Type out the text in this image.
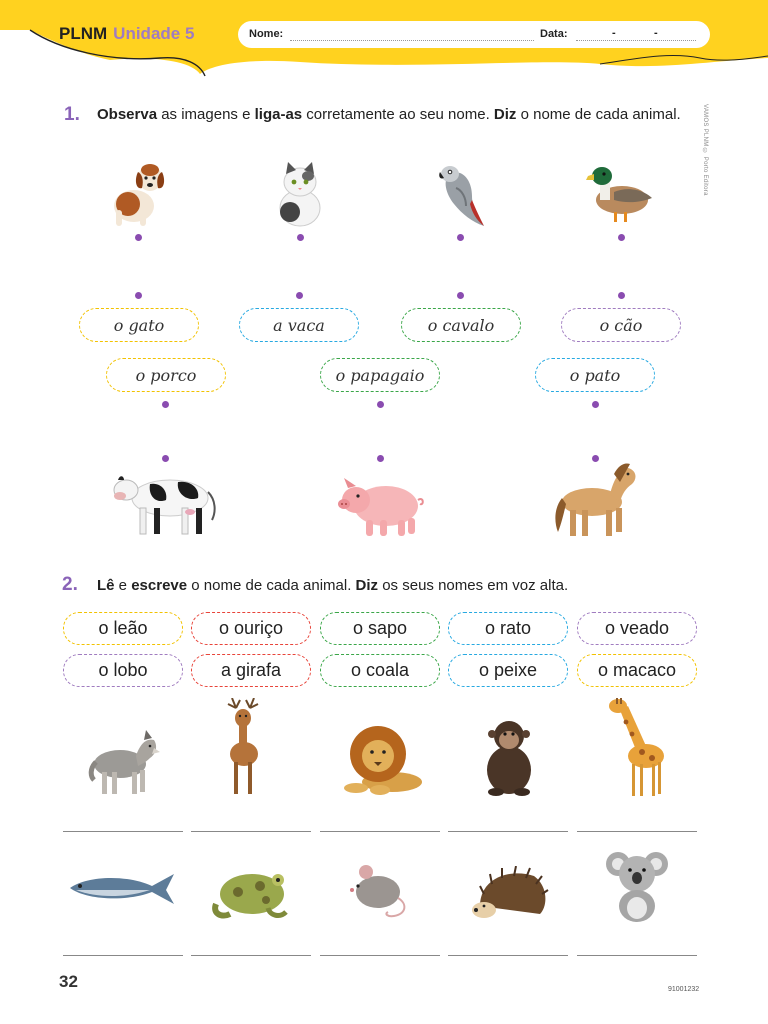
PLNM Unidade 5	Nome:	Data:	-	-
VAMOS PLNM © Porto Editora
1. Observa as imagens e liga-as corretamente ao seu nome. Diz o nome de cada animal.
o gato	a vaca	o cavalo	o cão
o porco	o papagaio	o pato
2. Lê e escreve o nome de cada animal. Diz os seus nomes em voz alta.
o leão	o ouriço	o sapo	o rato	o veado
o lobo	a girafa	o coala	o peixe	o macaco
32	91001232
